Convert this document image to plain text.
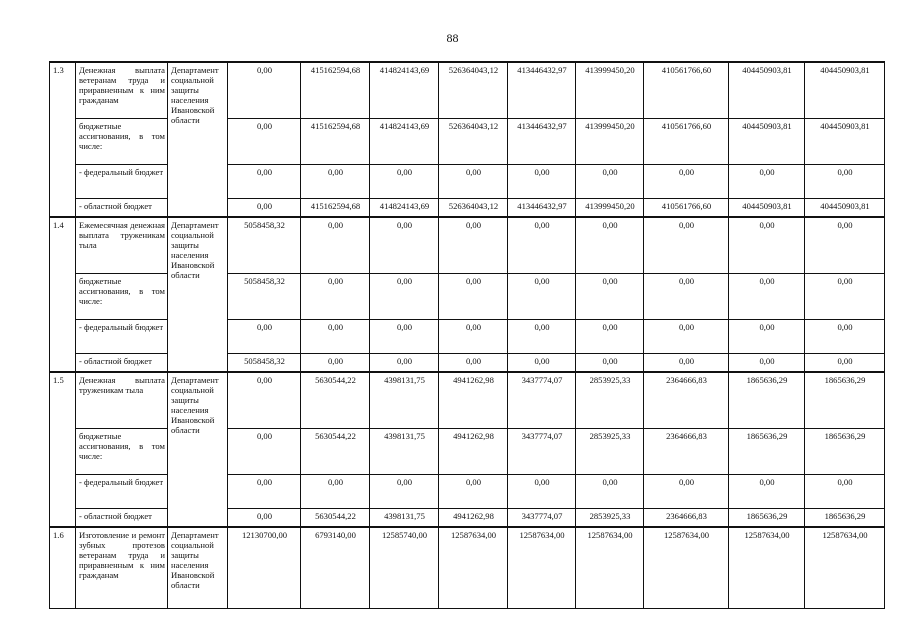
88
1.3	Денежная выплата ветеранам труда и приравненным к ним гражданам	Департамент социальной защиты населения Ивановской области	0,00	415162594,68	414824143,69	526364043,12	413446432,97	413999450,20	410561766,60	404450903,81	404450903,81
	бюджетные ассигнования, в том числе:		0,00	415162594,68	414824143,69	526364043,12	413446432,97	413999450,20	410561766,60	404450903,81	404450903,81
	- федеральный бюджет		0,00	0,00	0,00	0,00	0,00	0,00	0,00	0,00	0,00
	- областной бюджет		0,00	415162594,68	414824143,69	526364043,12	413446432,97	413999450,20	410561766,60	404450903,81	404450903,81
1.4	Ежемесячная денежная выплата труженикам тыла	Департамент социальной защиты населения Ивановской области	5058458,32	0,00	0,00	0,00	0,00	0,00	0,00	0,00	0,00
	бюджетные ассигнования, в том числе:		5058458,32	0,00	0,00	0,00	0,00	0,00	0,00	0,00	0,00
	- федеральный бюджет		0,00	0,00	0,00	0,00	0,00	0,00	0,00	0,00	0,00
	- областной бюджет		5058458,32	0,00	0,00	0,00	0,00	0,00	0,00	0,00	0,00
1.5	Денежная выплата труженикам тыла	Департамент социальной защиты населения Ивановской области	0,00	5630544,22	4398131,75	4941262,98	3437774,07	2853925,33	2364666,83	1865636,29	1865636,29
	бюджетные ассигнования, в том числе:		0,00	5630544,22	4398131,75	4941262,98	3437774,07	2853925,33	2364666,83	1865636,29	1865636,29
	- федеральный бюджет		0,00	0,00	0,00	0,00	0,00	0,00	0,00	0,00	0,00
	- областной бюджет		0,00	5630544,22	4398131,75	4941262,98	3437774,07	2853925,33	2364666,83	1865636,29	1865636,29
1.6	Изготовление и ремонт зубных протезов ветеранам труда и приравненным к ним гражданам	Департамент социальной защиты населения Ивановской области	12130700,00	6793140,00	12585740,00	12587634,00	12587634,00	12587634,00	12587634,00	12587634,00	12587634,00
